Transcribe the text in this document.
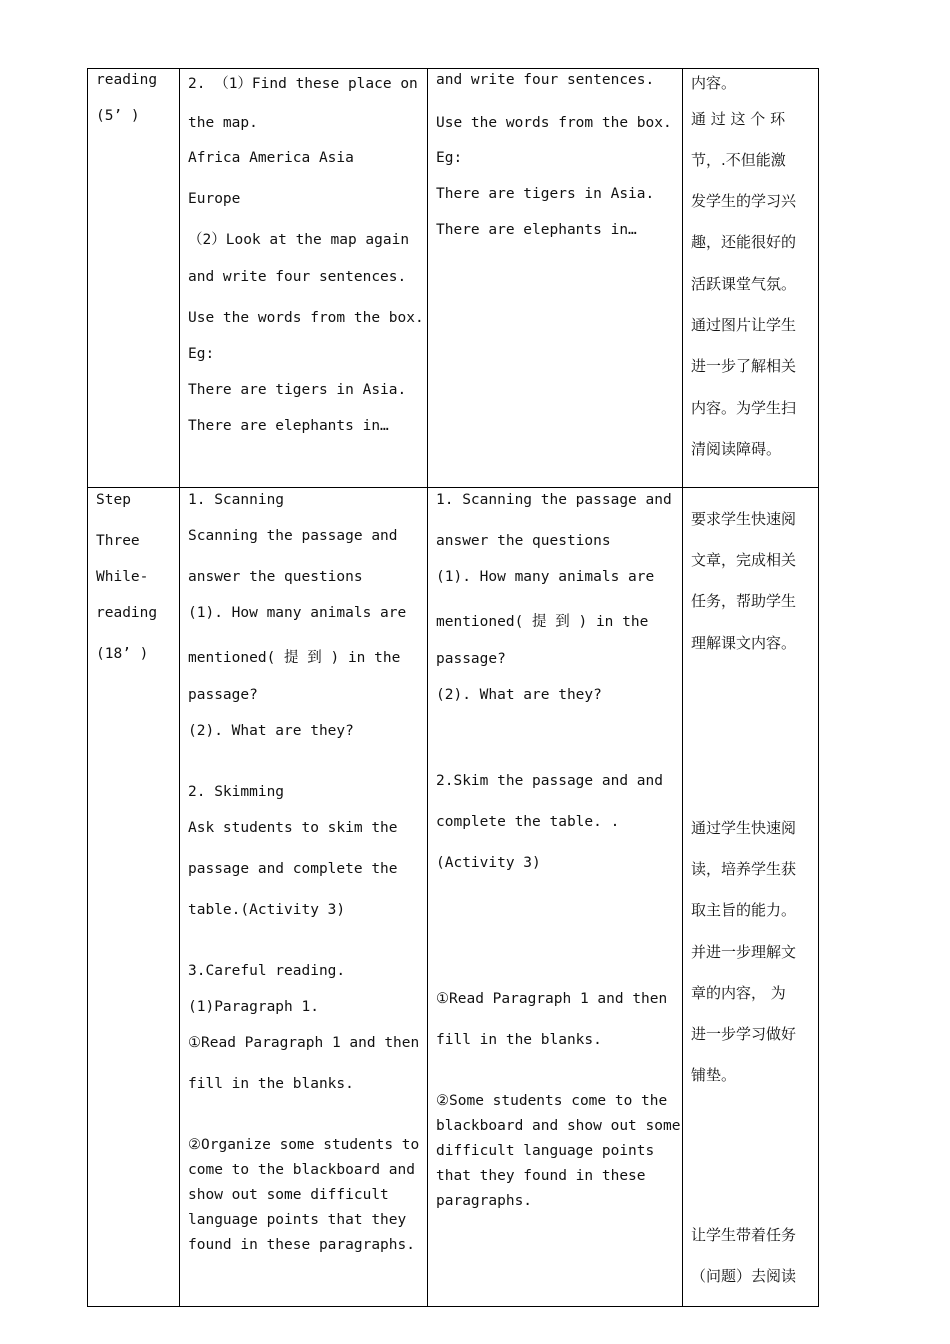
reading
(5’ )
2. （1）Find these place on
the map.
Africa America Asia
Europe
（2）Look at the map again
and write four sentences.
Use the words from the box.
Eg:
There are tigers in Asia.
There are elephants in…
and write four sentences.
Use the words from the box.
Eg:
There are tigers in Asia.
There are elephants in…
内容。
通 过 这 个 环
节，.不但能激
发学生的学习兴
趣，还能很好的
活跃课堂气氛。
通过图片让学生
进一步了解相关
内容。为学生扫
清阅读障碍。
Step
Three
While-
reading
(18’ )
1. Scanning
Scanning the passage and
answer the questions
(1). How many animals are
mentioned( 提 到 ) in the
passage?
(2). What are they?
2. Skimming
Ask students to skim the
passage and complete the
table.(Activity 3)
3.Careful reading.
(1)Paragraph 1.
①Read Paragraph 1 and then
fill in the blanks.
②Organize some students to
come to the blackboard and
show out some difficult
language points that they
found in these paragraphs.
1. Scanning the passage and
answer the questions
(1). How many animals are
mentioned( 提 到 ) in the
passage?
(2). What are they?
2.Skim the passage and and
complete the table. .
(Activity 3)
①Read Paragraph 1 and then
fill in the blanks.
②Some students come to the
blackboard and show out some
difficult language points
that they found in these
paragraphs.
要求学生快速阅
文章，完成相关
任务，帮助学生
理解课文内容。
通过学生快速阅
读，培养学生获
取主旨的能力。
并进一步理解文
章的内容， 为
进一步学习做好
铺垫。
让学生带着任务
（问题）去阅读
